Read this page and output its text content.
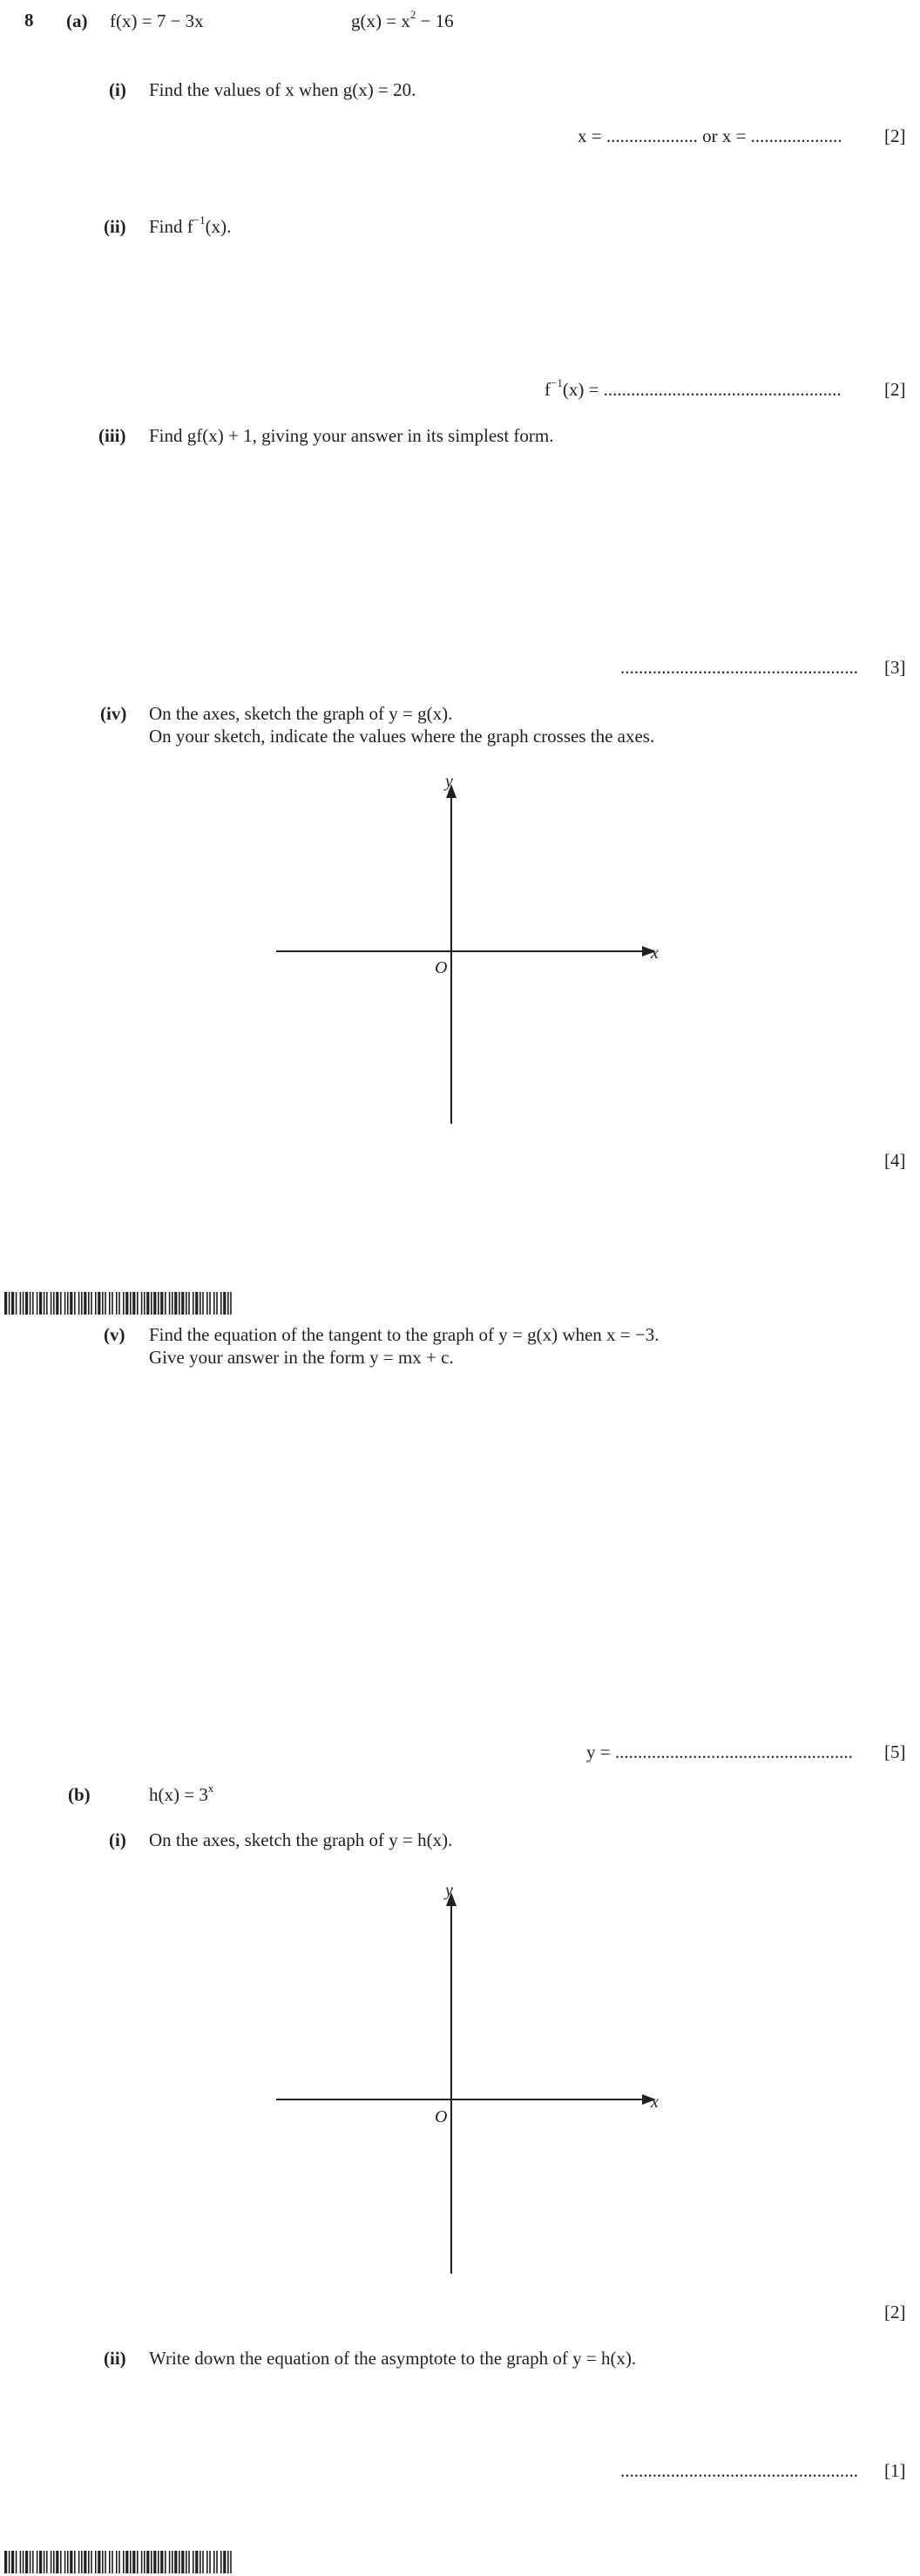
8 (a) f(x) = 7 − 3x	$g(x) = x^2 - 16$
(i) Find the values of x when g(x) = 20.
x = .................... or x = .................... [2]
(ii) Find $f^{-1}(x)$.
$f^{-1}(x)$ = .................................................... [2]
(iii) Find gf(x) + 1, giving your answer in its simplest form.
.................................................... [3]
(iv) On the axes, sketch the graph of y = g(x).
On your sketch, indicate the values where the graph crosses the axes.
y
x
O
[4]
(v) Find the equation of the tangent to the graph of y = g(x) when x = −3.
Give your answer in the form y = mx + c.
y = .................................................... [5]
(b)	$h(x) = 3^x$
(i) On the axes, sketch the graph of y = h(x).
y
x
O
[2]
(ii) Write down the equation of the asymptote to the graph of y = h(x).
.................................................... [1]
